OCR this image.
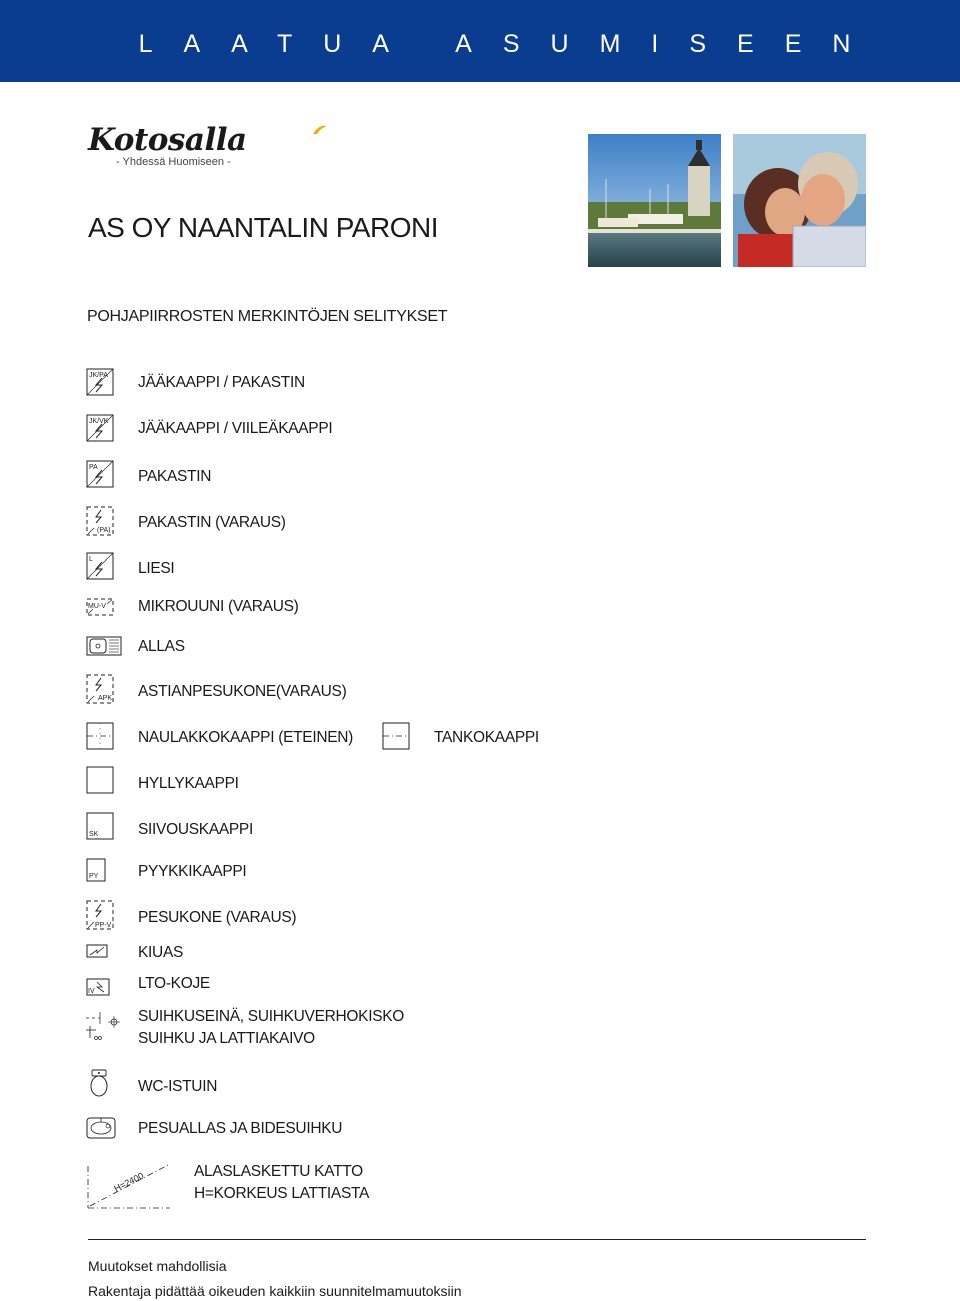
LAATUA ASUMISEEN
Kotosalla
- Yhdessä Huomiseen -
AS OY NAANTALIN PARONI
POHJAPIIRROSTEN MERKINTÖJEN SELITYKSET
JK/PA JÄÄKAAPPI / PAKASTIN
JK/VK JÄÄKAAPPI / VIILEÄKAAPPI
PA
PAKASTIN
(PA) PAKASTIN (VARAUS)
L
LIESI
MU-V MIKROUUNI (VARAUS)
ALLAS
APK ASTIANPESUKONE(VARAUS)
NAULAKKOKAAPPI (ETEINEN)	TANKOKAAPPI
HYLLYKAAPPI
SK	SIIVOUSKAAPPI
PY	PYYKKIKAAPPI
PP-V PESUKONE (VARAUS)
KIUAS
IV	LTO-KOJE
SUIHKUSEINÄ, SUIHKUVERHOKISKO
SUIHKU JA LATTIAKAIVO
WC-ISTUIN
PESUALLAS JA BIDESUIHKU
H=2400	ALASLASKETTU KATTO
H=KORKEUS LATTIASTA
Muutokset mahdollisia
Rakentaja pidättää oikeuden kaikkiin suunnitelmamuutoksiin
